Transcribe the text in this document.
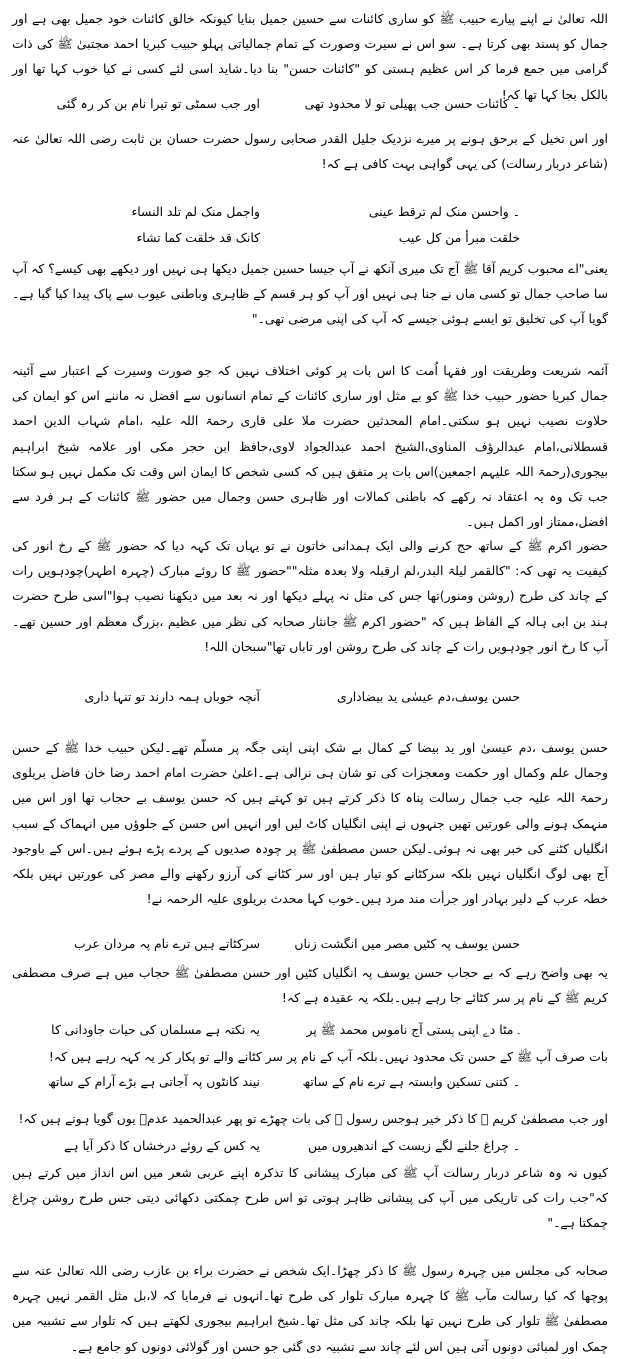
اللہ تعالیٰ نے اپنے پیارے حبیب ﷺ کو ساری کائنات سے حسین جمیل بنایا کیونکہ خالق کائنات خود جمیل بھی ہے اور جمال کو پسند بھی کرتا ہے۔ سو اس نے سیرت وصورت کے تمام جمالیاتی پہلو حبیب کبریا احمد مجتبیٰ ﷺ کی ذات گرامی میں جمع فرما کر اس عظیم ہستی کو "کائنات حسن" بنا دیا۔شاید اسی لئے کسی نے کیا خوب کہا تھا اور بالکل بجا کہا تھا کہ!
۔ کائنات حسن جب پھیلی تو لا محدود تھی
اور جب سمٹی تو تیرا نام بن کر رہ گئی
اور اس تخیل کے برحق ہونے پر میرے نزدیک جلیل القدر صحابی رسول حضرت حسان بن ثابت رضی اللہ تعالیٰ عنہ (شاعر دربار رسالت) کی یہی گواہی بہت کافی ہے کہ!
۔ واحسن منک لم ترقط عینی
واجمل منک لم تلد النساء
خلقت مبرأ من کل عیب
کانک قد خلقت کما تشاء
یعنی"اے محبوب کریم آقا ﷺ آج تک میری آنکھ نے آپ جیسا حسین جمیل دیکھا ہی نہیں اور دیکھے بھی کیسے؟ کہ آپ سا صاحب جمال تو کسی ماں نے جنا ہی نہیں اور آپ کو ہر قسم کے ظاہری وباطنی عیوب سے پاک پیدا کیا گیا ہے۔گویا آپ کی تخلیق تو ایسے ہوئی جیسے کہ آپ کی اپنی مرضی تھی۔"
آئمہ شریعت وطریقت اور فقہا اُمت کا اس بات پر کوئی اختلاف نہیں کہ جو صورت وسیرت کے اعتبار سے آئینہ جمال کبریا حضور حبیب خدا ﷺ کو بے مثل اور ساری کائنات کے تمام انسانوں سے افضل نہ ماننے اس کو ایمان کی حلاوت نصیب نہیں ہو سکتی۔امام المحدثین حضرت ملا علی قاری رحمۃ اللہ علیہ ،امام شہاب الدین احمد قسطلانی،امام عبدالرؤف المناوی،الشیخ احمد عبدالجواد لاوی،حافظ ابن حجر مکی اور علامہ شیخ ابراہیم بیجوری(رحمۃ اللہ علیہم اجمعین)اس بات پر متفق ہیں کہ کسی شخص کا ایمان اس وقت تک مکمل نہیں ہو سکتا جب تک وہ یہ اعتقاد نہ رکھے کہ باطنی کمالات اور ظاہری حسن وجمال میں حضور ﷺ کائنات کے ہر فرد سے افضل،ممتاز اور اکمل ہیں۔
حضور اکرم ﷺ کے ساتھ حج کرنے والی ایک ہمدانی خاتون نے تو یہاں تک کہہ دیا کہ حضور ﷺ کے رخ انور کی کیفیت یہ تھی کہ: "کالقمر لیلۃ البدر،لم ارقبلہ ولا بعدہ مثلہ""حضور ﷺ کا روئے مبارک (چہرہ اطہر)چودہویں رات کے چاند کی طرح (روشن ومنور)تھا جس کی مثل نہ پہلے دیکھا اور نہ بعد میں دیکھنا نصیب ہوا"اسی طرح حضرت ہند بن ابی ہالہ کے الفاظ ہیں کہ "حضور اکرم ﷺ جانثار صحابہ کی نظر میں عظیم ،بزرگ معظم اور حسین تھے۔آپ کا رخ انور چودہویں رات کے چاند کی طرح روشن اور تاباں تھا"سبحان اللہ!
حسن یوسف،دم عیسٰی ید بیضاداری
آنچہ خوباں ہمہ دارند تو تنہا داری
حسن یوسف ،دم عیسیٰ اور ید بیضا کے کمال بے شک اپنی اپنی جگہ پر مسلّم تھے۔لیکن حبیب خدا ﷺ کے حسن وجمال علم وکمال اور حکمت ومعجزات کی تو شان ہی نرالی ہے۔اعلیٰ حضرت امام احمد رضا خان فاضل بریلوی رحمۃ اللہ علیہ جب جمال رسالت پناہ کا ذکر کرتے ہیں تو کہتے ہیں کہ حسن یوسف بے حجاب تھا اور اس میں منہمک ہونے والی عورتیں تھیں جنہوں نے اپنی انگلیاں کاٹ لیں اور انہیں اس حسن کے جلوؤں میں انہماک کے سبب انگلیاں کٹنے کی خبر بھی نہ ہوئی۔لیکن حسن مصطفیٰ ﷺ پر چودہ صدیوں کے پردے پڑے ہوئے ہیں۔اس کے باوجود آج بھی لوگ انگلیاں نہیں بلکہ سرکٹانے کو تیار ہیں اور سر کٹانے کی آرزو رکھنے والے مصر کی عورتیں نہیں بلکہ خطہ عرب کے دلیر بہادر اور جرأت مند مرد ہیں۔خوب کہا محدث بریلوی علیہ الرحمہ نے!
حسن یوسف پہ کٹیں مصر میں انگشت زناں
سرکٹاتے ہیں ترے نام پہ مردان عرب
یہ بھی واضح رہے کہ بے حجاب حسن یوسف پہ انگلیاں کٹیں اور حسن مصطفیٰ ﷺ حجاب میں ہے صرف مصطفی کریم ﷺ کے نام پر سر کٹائے جا رہے ہیں۔بلکہ یہ عقیدہ ہے کہ!
۔ مٹا دے اپنی ہستی آج ناموس محمد ﷺ پر
یہ نکتہ ہے مسلماں کی حیات جاودانی کا
بات صرف آپ ﷺ کے حسن تک محدود نہیں۔بلکہ آپ کے نام پر سر کٹانے والے تو پکار کر یہ کہہ رہے ہیں کہ!
۔ کتنی تسکین وابستہ ہے ترے نام کے ساتھ
نیند کانٹوں پہ آجاتی ہے بڑے آرام کے ساتھ
اور جب مصطفیٰ کریم ﷺ کا ذکر خیر ہوجس رسول ﷺ کی بات چھڑے تو پھر عبدالحمید عدمؔ یوں گویا ہوتے ہیں کہ!
۔ چراغ جلنے لگے زیست کے اندھیروں میں
یہ کس کے روئے درخشاں کا ذکر آیا ہے
کیوں نہ وہ شاعر دربار رسالت آپ ﷺ کی مبارک پیشانی کا تذکرہ اپنے عربی شعر میں اس انداز میں کرتے ہیں کہ"جب رات کی تاریکی میں آپ کی پیشانی ظاہر ہوتی تو اس طرح چمکتی دکھائی دیتی جس طرح روشن چراغ چمکتا ہے۔"
صحابہ کی مجلس میں چہرہ رسول ﷺ کا ذکر چھڑا۔ایک شخص نے حضرت براء بن عازب رضی اللہ تعالیٰ عنہ سے پوچھا کہ کیا رسالت مآب ﷺ کا چہرہ مبارک تلوار کی طرح تھا۔انہوں نے فرمایا کہ لا،بل مثل القمر نہیں چہرہ مصطفیٰ ﷺ تلوار کی طرح نہیں تھا بلکہ چاند کی مثل تھا۔شیخ ابراہیم بیجوری لکھتے ہیں کہ تلوار سے تشبیہ میں چمک اور لمبائی دونوں آتی ہیں اس لئے چاند سے تشبیہ دی گئی جو حسن اور گولائی دونوں کو جامع ہے۔
